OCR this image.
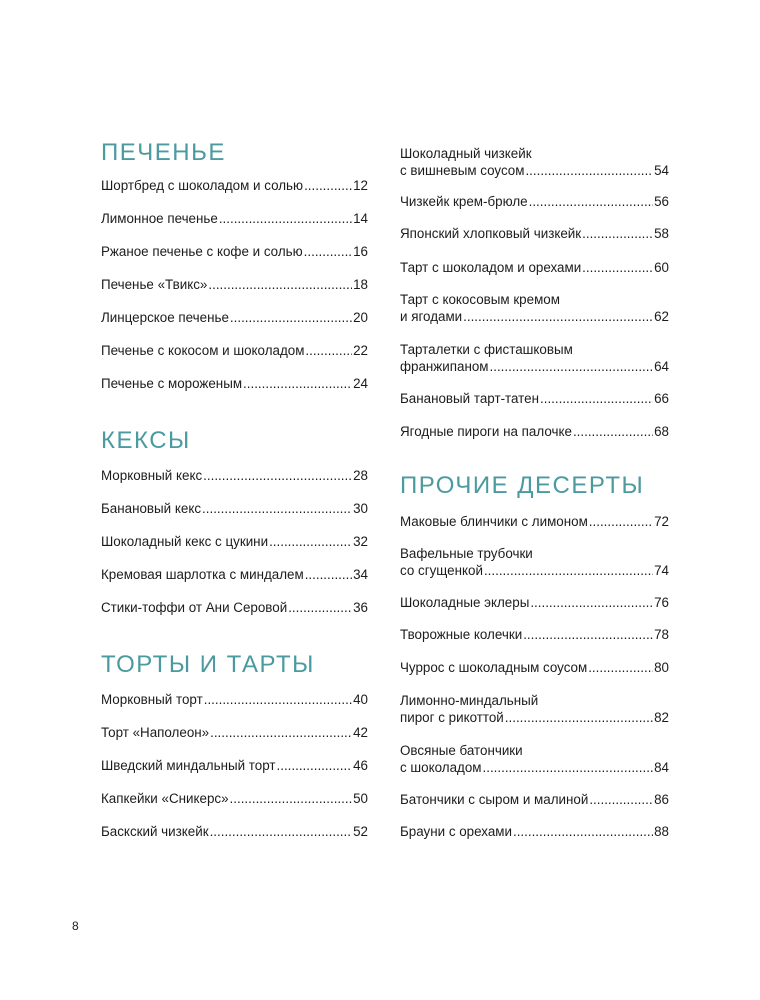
ПЕЧЕНЬЕ
Шортбред с шоколадом и солью .....	12
Лимонное печенье .....	14
Ржаное печенье с кофе и солью .....	16
Печенье «Твикс» .....	18
Линцерское печенье .....	20
Печенье с кокосом и шоколадом .....	22
Печенье с мороженым .....	24
КЕКСЫ
Морковный кекс .....	28
Банановый кекс .....	30
Шоколадный кекс с цукини .....	32
Кремовая шарлотка с миндалем .....	34
Стики-тоффи от Ани Серовой .....	36
ТОРТЫ И ТАРТЫ
Морковный торт .....	40
Торт «Наполеон» .....	42
Шведский миндальный торт .....	46
Капкейки «Сникерс» .....	50
Баскский чизкейк .....	52
Шоколадный чизкейк
с вишневым соусом .....	54
Чизкейк крем-брюле .....	56
Японский хлопковый чизкейк .....	58
Тарт с шоколадом и орехами .....	60
Тарт с кокосовым кремом
и ягодами .....	62
Тарталетки с фисташковым
франжипаном .....	64
Банановый тарт-татен .....	66
Ягодные пироги на палочке .....	68
ПРОЧИЕ ДЕСЕРТЫ
Маковые блинчики с лимоном .....	72
Вафельные трубочки
со сгущенкой .....	74
Шоколадные эклеры .....	76
Творожные колечки .....	78
Чуррос с шоколадным соусом .....	80
Лимонно-миндальный
пирог с рикоттой .....	82
Овсяные батончики
с шоколадом .....	84
Батончики с сыром и малиной .....	86
Брауни с орехами .....	88
8
